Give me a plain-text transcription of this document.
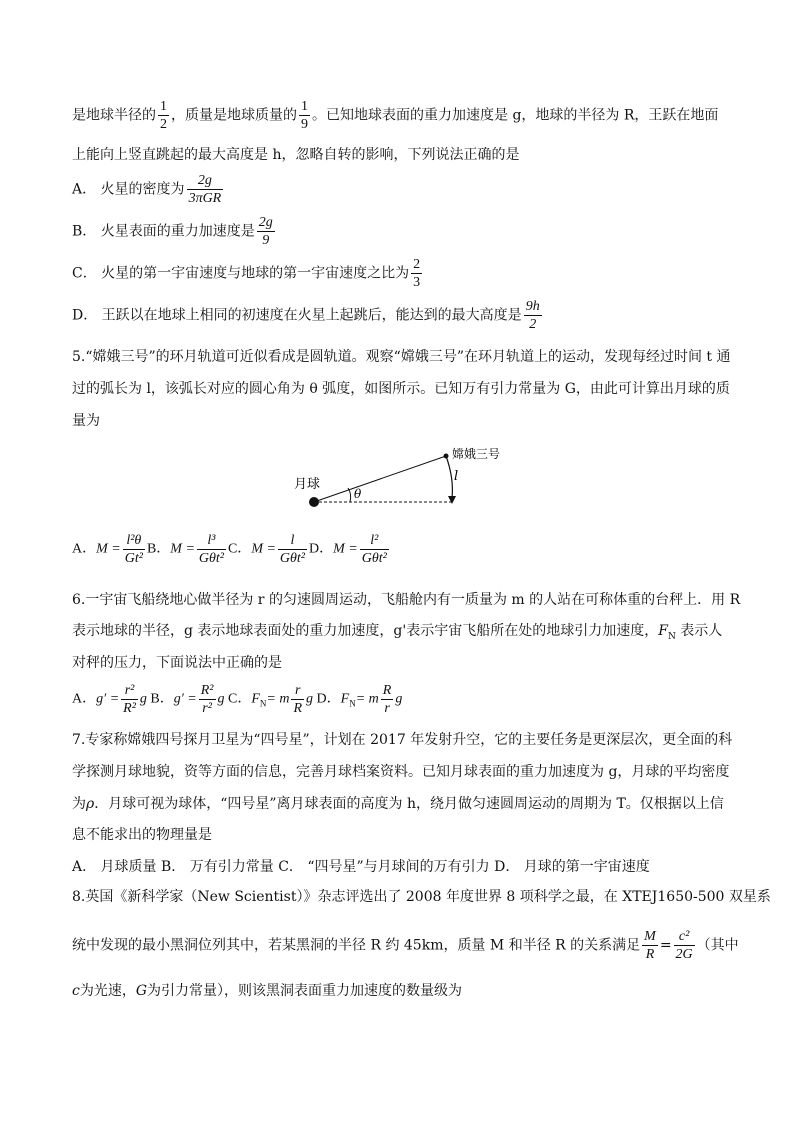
是地球半径的 $\frac{1}{2}$ ，质量是地球质量的 $\frac{1}{9}$ 。已知地球表面的重力加速度是 g，地球的半径为 R，王跃在地面
上能向上竖直跳起的最大高度是 h，忽略自转的影响，下列说法正确的是
A． 火星的密度为 $\frac{2g}{\text{3πGR}}$
B． 火星表面的重力加速度是 $\frac{2g}{9}$
C． 火星的第一宇宙速度与地球的第一宇宙速度之比为 $\frac{2}{3}$
D． 王跃以在地球上相同的初速度在火星上起跳后，能达到的最大高度是 $\frac{9h}{2}$
5.“嫦娥三号”的环月轨道可近似看成是圆轨道。观察“嫦娥三号”在环月轨道上的运动，发现每经过时间 t 通
过的弧长为 l，该弧长对应的圆心角为 θ 弧度，如图所示。已知万有引力常量为 G，由此可计算出月球的质
量为
月球
嫦娥三号
l
θ
A．$M = \frac{\text{l²θ}}{\text{Gt²}}$ B．$M = \frac{\text{l³}}{\text{Gθt²}}$ C．$M = \frac{l}{\text{Gθt²}}$ D．$M = \frac{\text{l²}}{\text{Gθt²}}$
6.一宇宙飞船绕地心做半径为 r 的匀速圆周运动，飞船舱内有一质量为 m 的人站在可称体重的台秤上．用 R
表示地球的半径，g 表示地球表面处的重力加速度，g'表示宇宙飞船所在处的地球引力加速度，$F_N$ 表示人
对秤的压力，下面说法中正确的是
A．$g' = \frac{\text{r²}}{\text{R²}}$ g B．$g' = \frac{\text{R²}}{\text{r²}}$ g C．$F_N= m \frac{r}{R}$ g D．$F_N= m \frac{R}{r}$ g
7.专家称嫦娥四号探月卫星为“四号星”，计划在 2017 年发射升空，它的主要任务是更深层次，更全面的科
学探测月球地貌，资等方面的信息，完善月球档案资料。已知月球表面的重力加速度为 g，月球的平均密度
为ρ．月球可视为球体，“四号星”离月球表面的高度为 h，绕月做匀速圆周运动的周期为 T。仅根据以上信
息不能求出的物理量是
A． 月球质量 B． 万有引力常量 C． “四号星”与月球间的万有引力 D． 月球的第一宇宙速度
8.英国《新科学家（New Scientist）》杂志评选出了 2008 年度世界 8 项科学之最，在 XTEJ1650-500 双星系
统中发现的最小黑洞位列其中，若某黑洞的半径 R 约 45km，质量 M 和半径 R 的关系满足 $\frac{M}{R} = \frac{\text{c²}}{2G}$ （其中
c为光速，G为引力常量），则该黑洞表面重力加速度的数量级为
